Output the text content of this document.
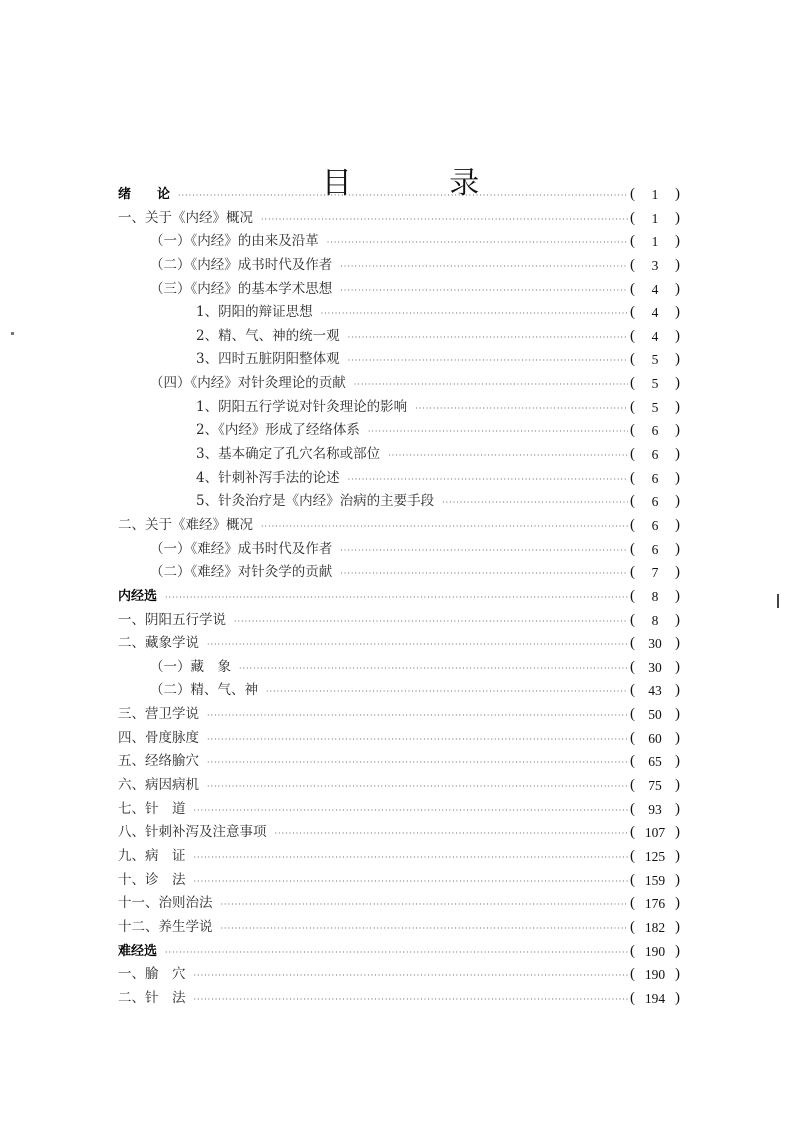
目 录
绪　　论 ·····	(	1	)
一、关于《内经》概况 ·····	(	1	)
（一）《内经》的由来及沿革 ·····	(	1	)
（二）《内经》成书时代及作者 ·····	(	3	)
（三）《内经》的基本学术思想 ·····	(	4	)
1、阴阳的辩证思想 ·····	(	4	)
2、精、气、神的统一观 ·····	(	4	)
3、四时五脏阴阳整体观 ·····	(	5	)
（四）《内经》对针灸理论的贡献 ·····	(	5	)
1、阴阳五行学说对针灸理论的影响 ·····	(	5	)
2、《内经》形成了经络体系 ·····	(	6	)
3、基本确定了孔穴名称或部位 ·····	(	6	)
4、针刺补泻手法的论述 ·····	(	6	)
5、针灸治疗是《内经》治病的主要手段 ·····	(	6	)
二、关于《难经》概况 ·····	(	6	)
（一）《难经》成书时代及作者 ·····	(	6	)
（二）《难经》对针灸学的贡献 ·····	(	7	)
内经选 ·····	(	8	)
一、阴阳五行学说 ·····	(	8	)
二、藏象学说 ·····	( 30 )
（一）藏　象 ·····	( 30 )
（二）精、气、神 ·····	( 43 )
三、营卫学说 ·····	( 50 )
四、骨度脉度 ·····	( 60 )
五、经络腧穴 ·····	( 65 )
六、病因病机 ·····	( 75 )
七、针　道 ·····	( 93 )
八、针刺补泻及注意事项 ·····	( 107 )
九、病　证 ·····	( 125 )
十、诊　法 ·····	( 159 )
十一、治则治法 ·····	( 176 )
十二、养生学说 ·····	( 182 )
难经选 ·····	( 190 )
一、腧　穴 ·····	( 190 )
二、针　法 ·····	( 194 )
